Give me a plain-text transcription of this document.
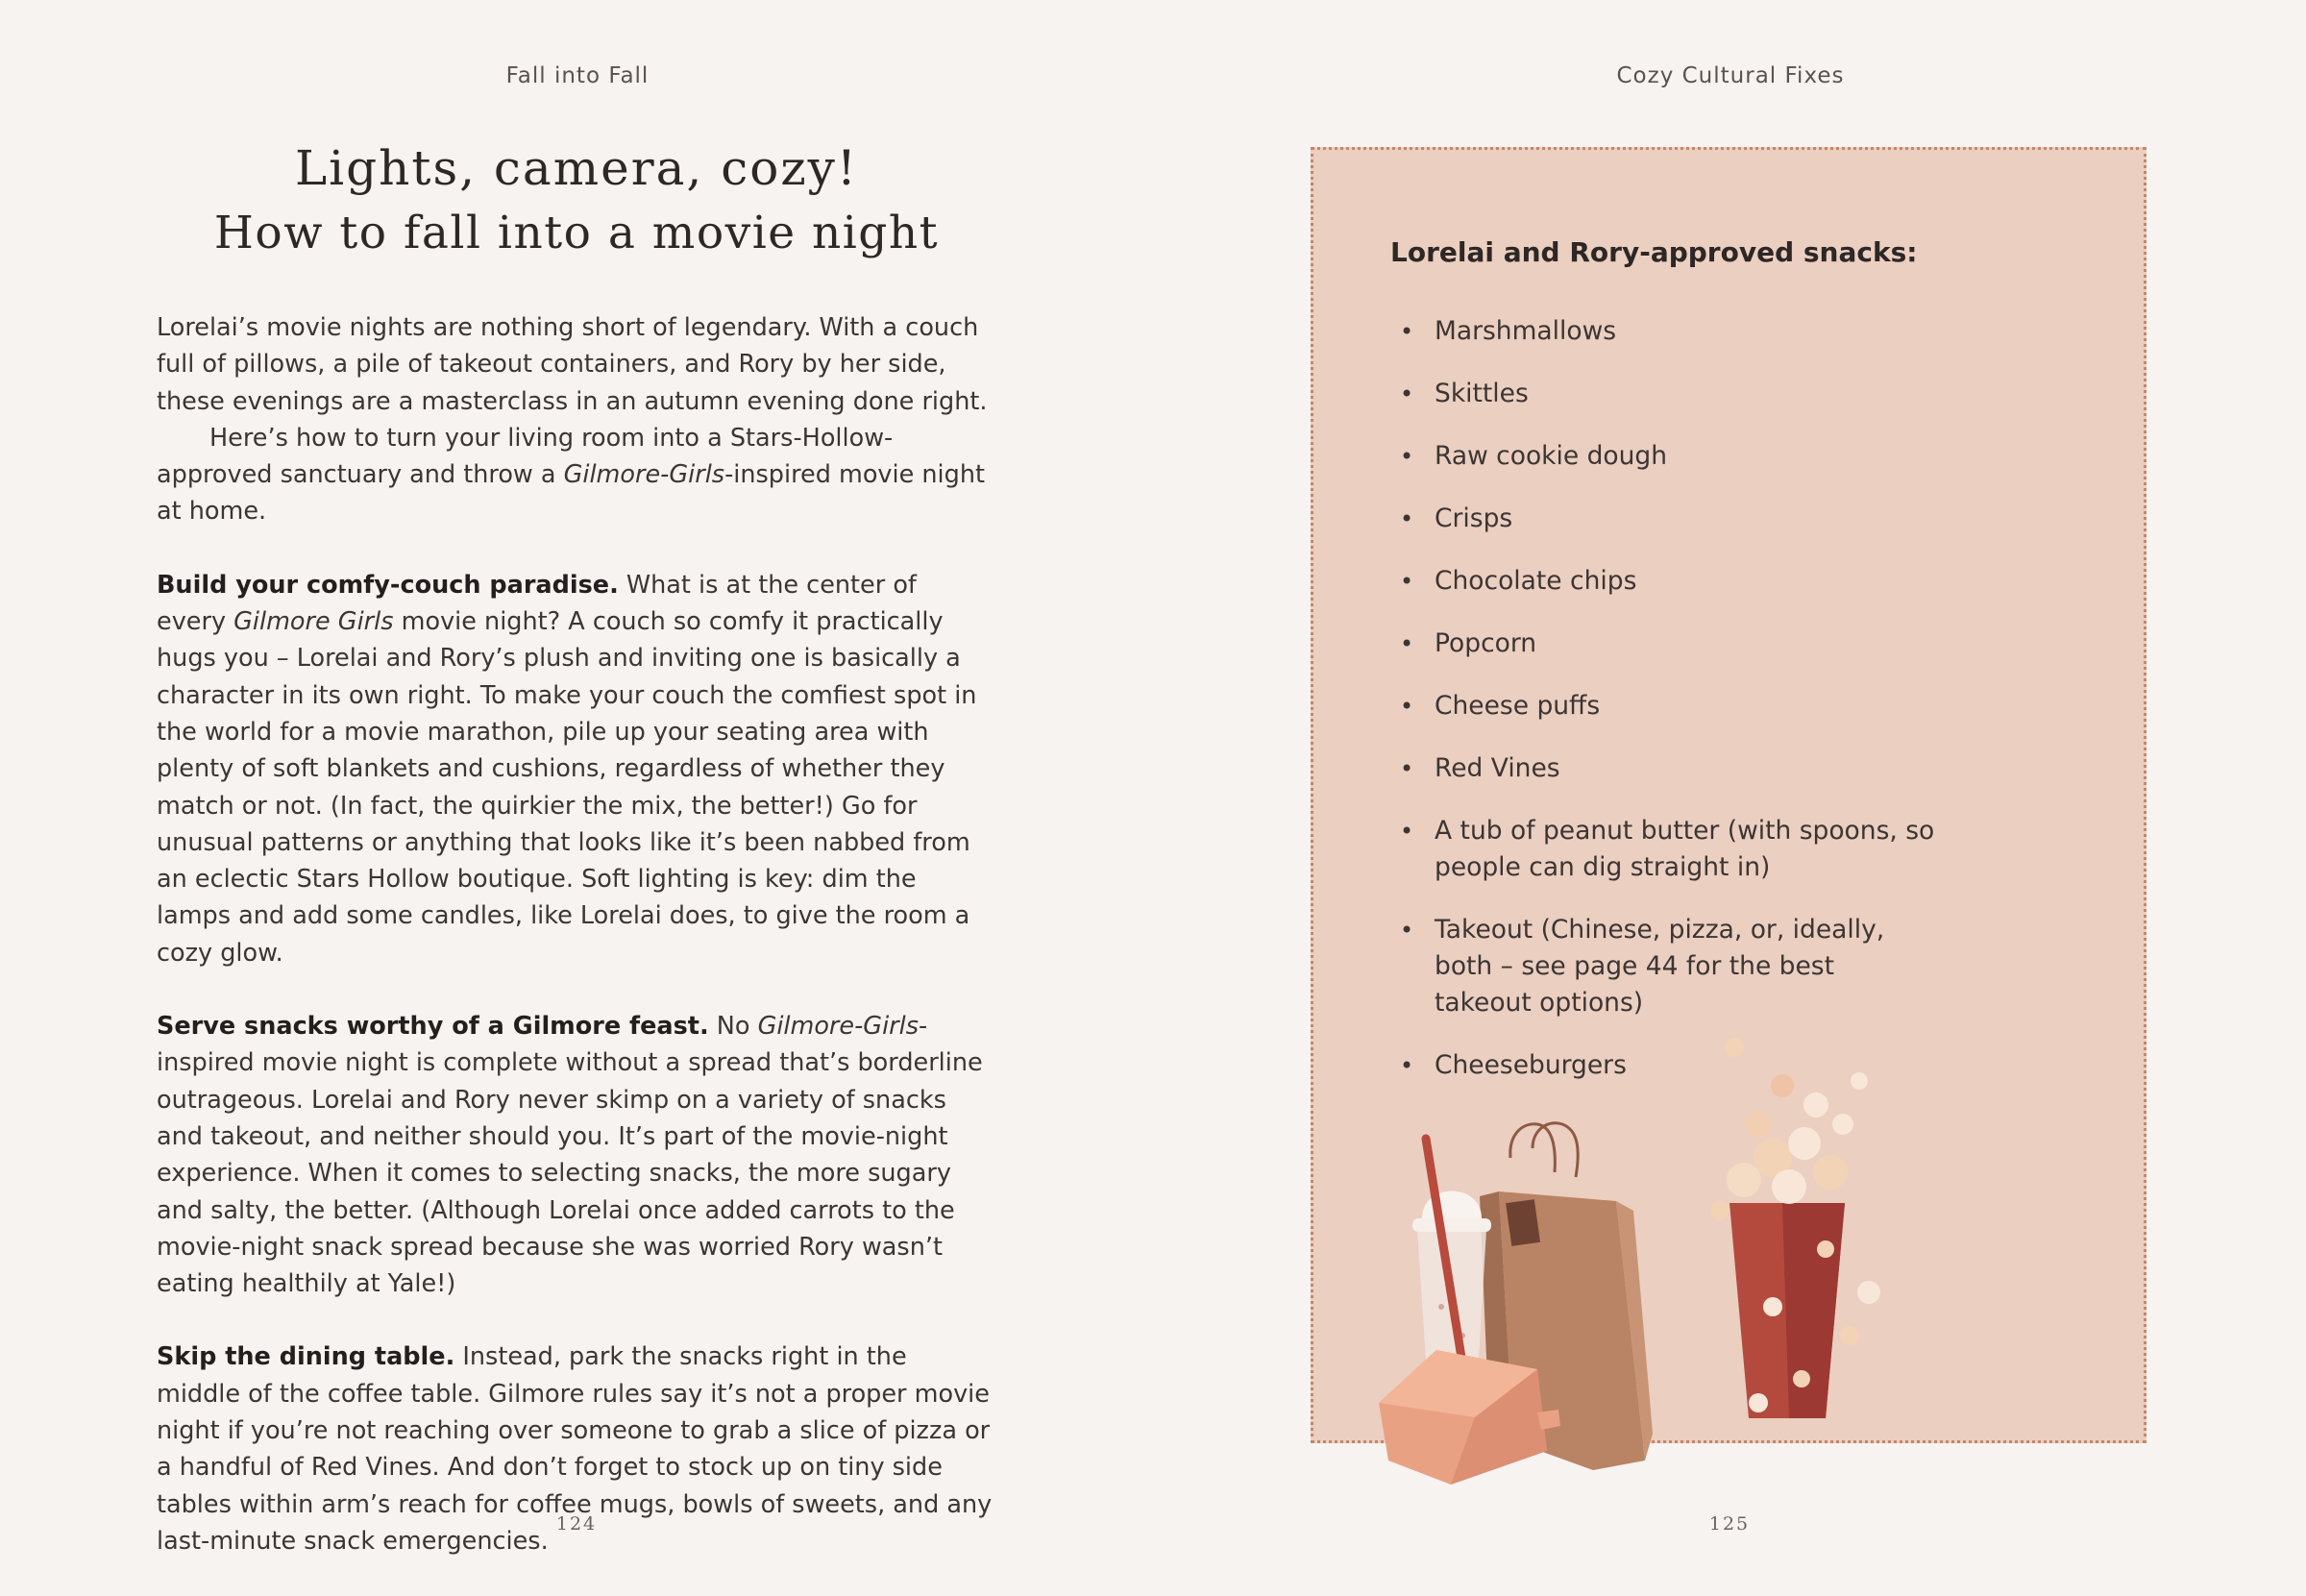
Fall into Fall
Lights, camera, cozy!
How to fall into a movie night

Lorelai’s movie nights are nothing short of legendary. With a couch full of pillows, a pile of takeout containers, and Rory by her side, these evenings are a masterclass in an autumn evening done right.

Here’s how to turn your living room into a Stars-Hollow-approved sanctuary and throw a Gilmore-Girls-inspired movie night at home.

Build your comfy-couch paradise. What is at the center of every Gilmore Girls movie night? A couch so comfy it practically hugs you – Lorelai and Rory’s plush and inviting one is basically a character in its own right. To make your couch the comfiest spot in the world for a movie marathon, pile up your seating area with plenty of soft blankets and cushions, regardless of whether they match or not. (In fact, the quirkier the mix, the better!) Go for unusual patterns or anything that looks like it’s been nabbed from an eclectic Stars Hollow boutique. Soft lighting is key: dim the lamps and add some candles, like Lorelai does, to give the room a cozy glow.

Serve snacks worthy of a Gilmore feast. No Gilmore-Girls-inspired movie night is complete without a spread that’s borderline outrageous. Lorelai and Rory never skimp on a variety of snacks and takeout, and neither should you. It’s part of the movie-night experience. When it comes to selecting snacks, the more sugary and salty, the better. (Although Lorelai once added carrots to the movie-night snack spread because she was worried Rory wasn’t eating healthily at Yale!)

Skip the dining table. Instead, park the snacks right in the middle of the coffee table. Gilmore rules say it’s not a proper movie night if you’re not reaching over someone to grab a slice of pizza or a handful of Red Vines. And don’t forget to stock up on tiny side tables within arm’s reach for coffee mugs, bowls of sweets, and any last-minute snack emergencies.

124
Cozy Cultural Fixes
Lorelai and Rory-approved snacks:
• Marshmallows
• Skittles
• Raw cookie dough
• Crisps
• Chocolate chips
• Popcorn
• Cheese puffs
• Red Vines
• A tub of peanut butter (with spoons, so people can dig straight in)
• Takeout (Chinese, pizza, or, ideally, both – see page 44 for the best takeout options)
• Cheeseburgers
125
